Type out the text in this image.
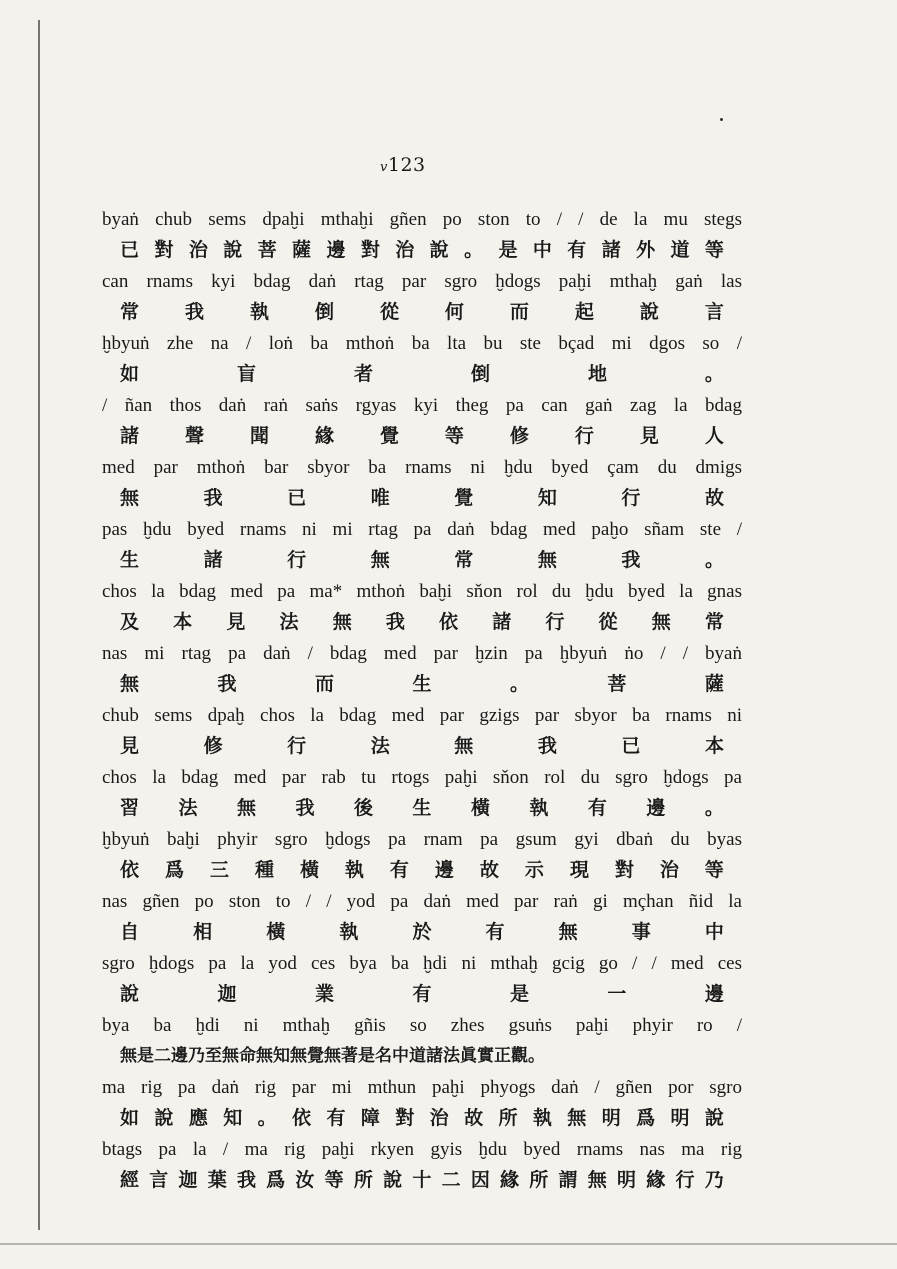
v123
byaṅ chub sems dpaḫi mthaḫi gñen po ston to / / de la mu stegs
已 對 治 說 菩 薩 邊 對 治 說 。 是 中 有 諸 外 道 等
can rnams kyi bdag daṅ rtag par sgro ḫdogs paḫi mthaḫ gaṅ las
常 我 執 倒 從 何 而 起 說 言
ḫbyuṅ zhe na / loṅ ba mthoṅ ba lta bu ste bçad mi dgos so /
如	盲	者	倒	地	。
/ ñan thos daṅ raṅ saṅs rgyas kyi theg pa can gaṅ zag la bdag
諸 聲 聞 緣 覺 等 修 行 見 人
med par mthoṅ bar sbyor ba rnams ni ḫdu byed çam du dmigs
無	我	已	唯	覺	知	行	故
pas ḫdu byed rnams ni mi rtag pa daṅ bdag med paḫo sñam ste /
生	諸	行	無	常	無	我	。
chos la bdag med pa ma* mthoṅ baḫi sňon rol du ḫdu byed la gnas
及 本 見 法 無 我 依 諸 行 從 無 常
nas mi rtag pa daṅ / bdag med par ḫzin pa ḫbyuṅ ṅo / / byaṅ
無	我	而	生	。	菩	薩
chub sems dpaḫ chos la bdag med par gzigs par sbyor ba rnams ni
見	修	行	法	無	我	已	本
chos la bdag med par rab tu rtogs paḫi sňon rol du sgro ḫdogs pa
習 法 無 我 後 生 橫 執 有 邊 。
ḫbyuṅ baḫi phyir sgro ḫdogs pa rnam pa gsum gyi dbaṅ du byas
依 爲 三 種 橫 執 有 邊 故 示 現 對 治 等
nas gñen po ston to / / yod pa daṅ med par raṅ gi mçhan ñid la
自	相	橫	執	於	有	無	事	中
sgro ḫdogs pa la yod ces bya ba ḫdi ni mthaḫ gcig go / / med ces
說	迦	業	有	是	一	邊
bya ba ḫdi ni mthaḫ gñis so zhes gsuṅs paḫi phyir ro /
無是二邊乃至無命無知無覺無著是名中道諸法眞實正觀。
ma rig pa daṅ rig par mi mthun paḫi phyogs daṅ / gñen por sgro
如 說 應 知 。 依 有 障 對 治 故 所 執 無 明 爲 明 說
btags pa la / ma rig paḫi rkyen gyis ḫdu byed rnams nas ma rig
經 言 迦 葉 我 爲 汝 等 所 說 十 二 因 緣 所 謂 無 明 緣 行 乃
